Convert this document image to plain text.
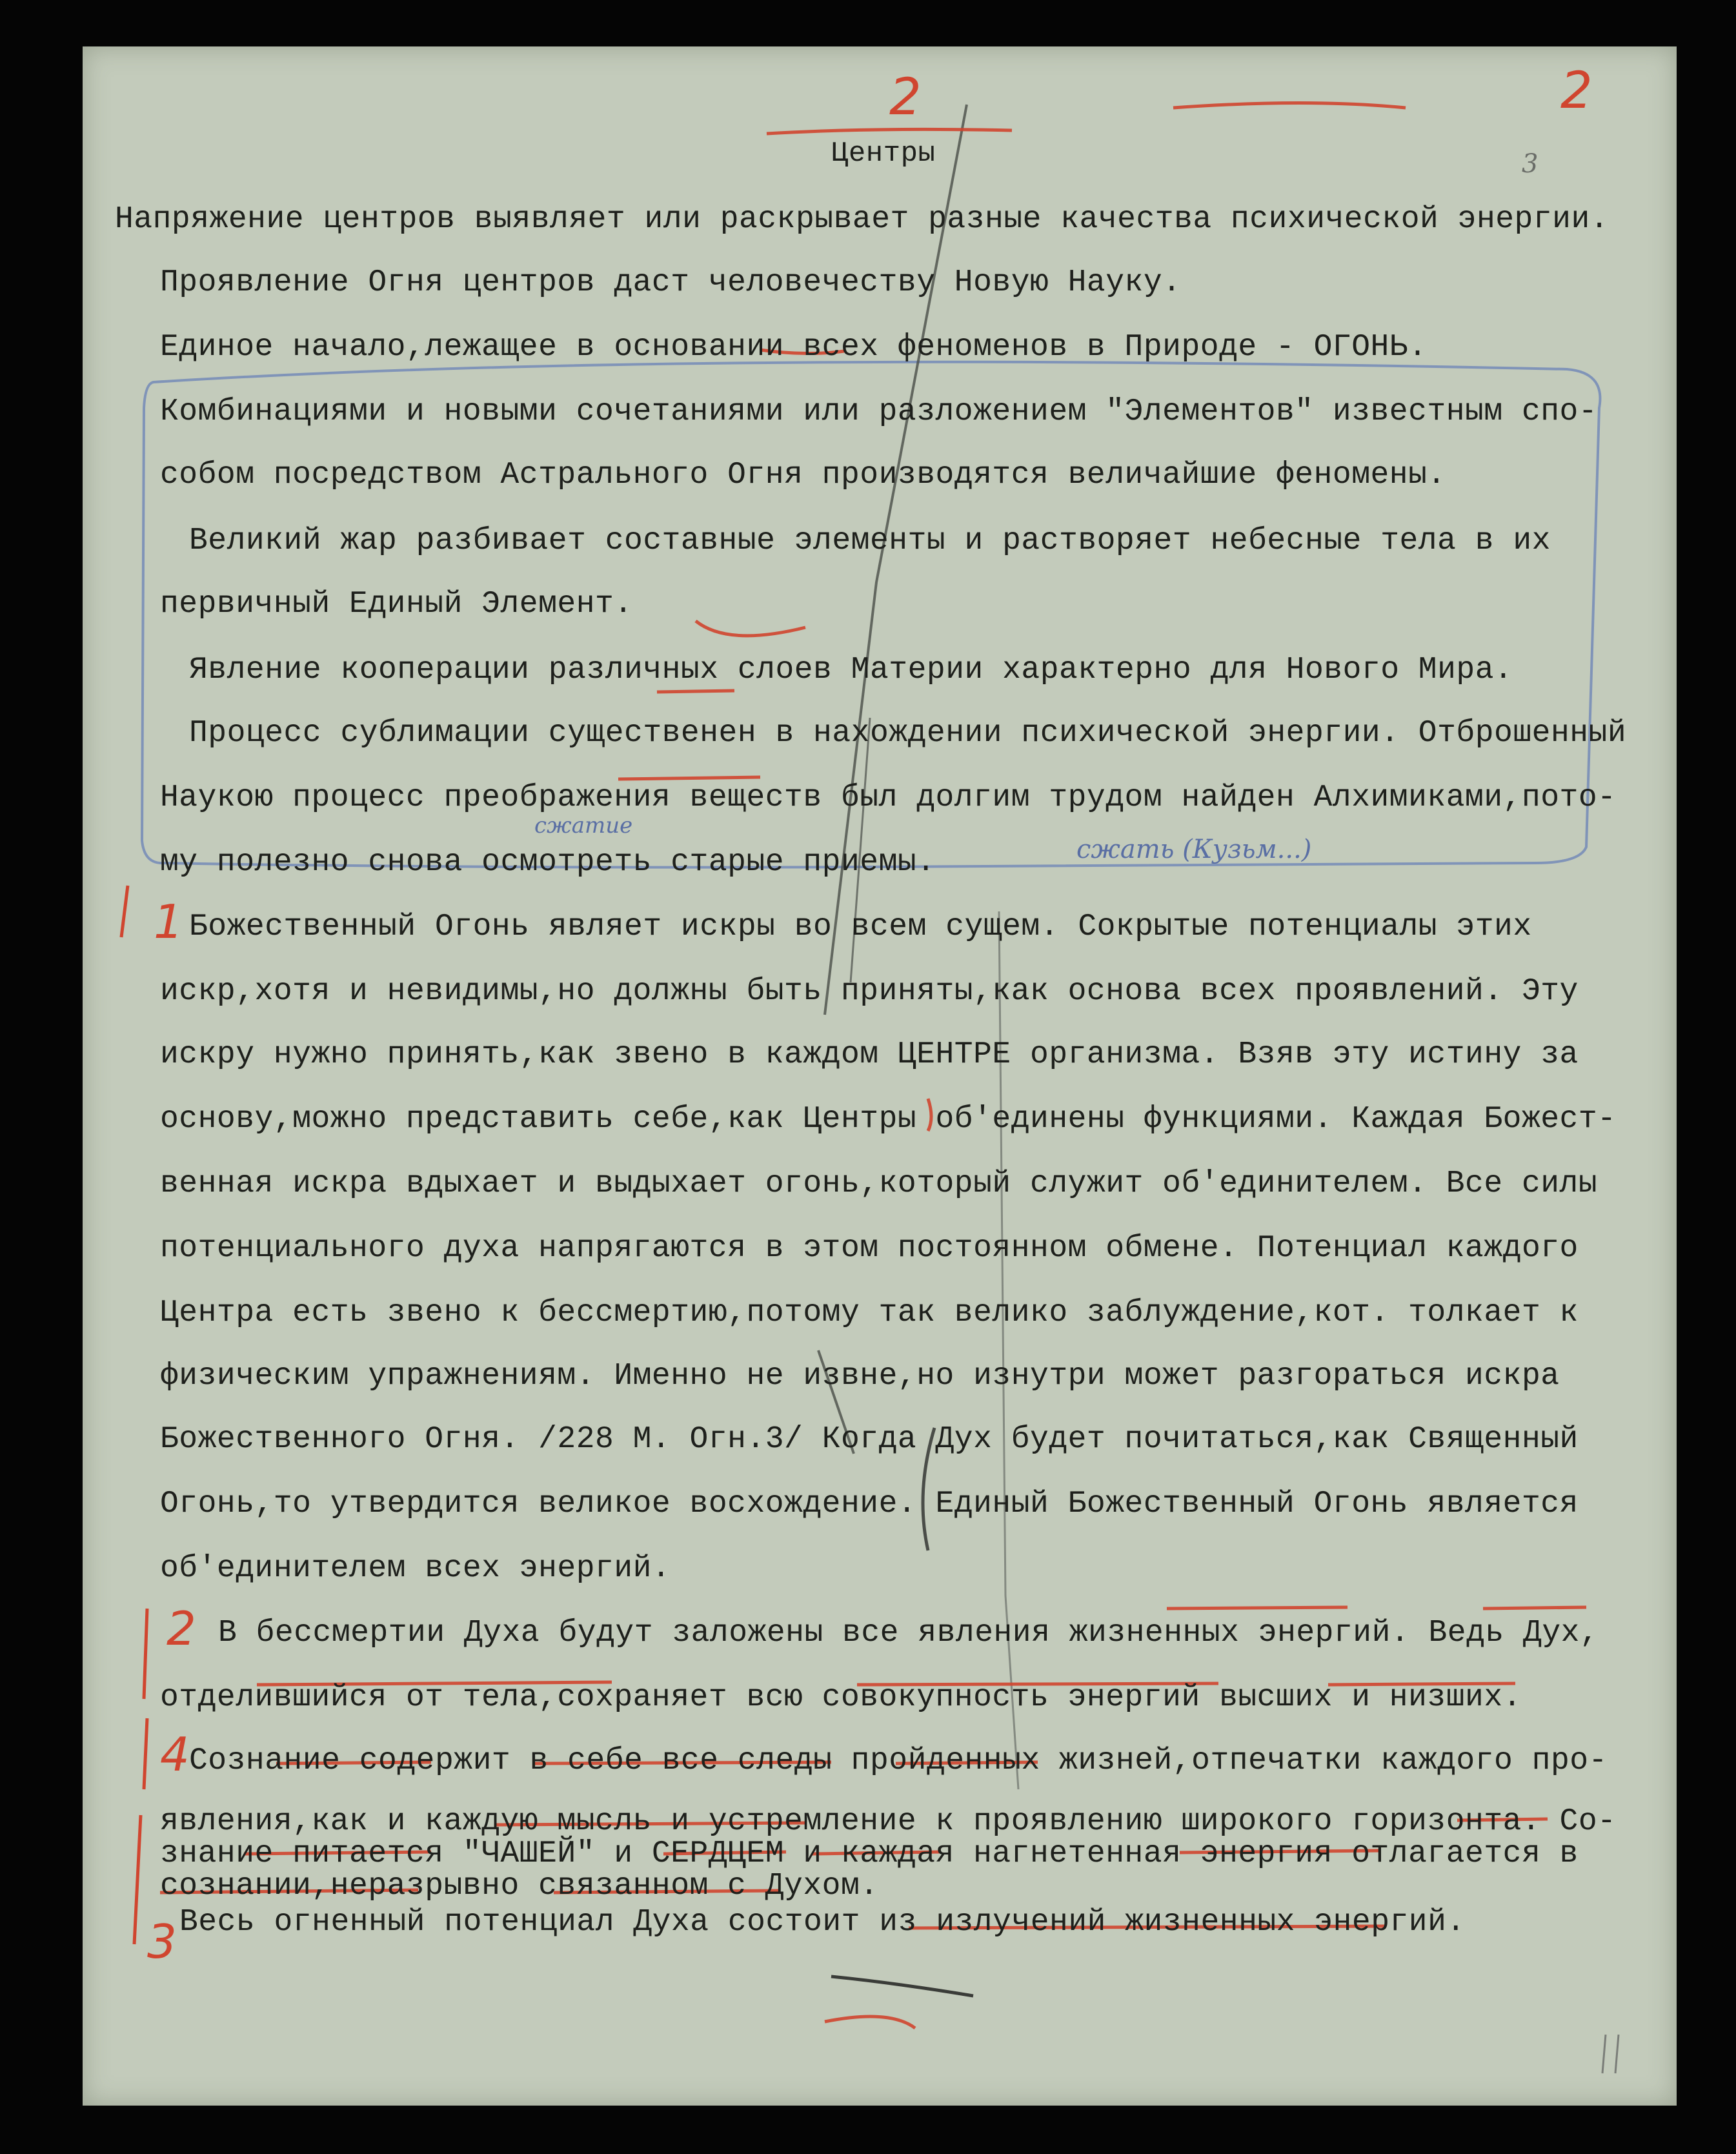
2	2
3

Центры

Напряжение центров выявляет или раскрывает разные качества психической энергии.

Проявление Огня центров даст человечеству Новую Науку.

Единое начало,лежащее в основании всех феноменов в Природе - ОГОНЬ.

Комбинациями и новыми сочетаниями или разложением "Элементов" известным спо-

собом посредством Астрального Огня производятся величайшие феномены.

Великий жар разбивает составные элементы и растворяет небесные тела в их

первичный Единый Элемент.

Явление кооперации различных слоев Материи характерно для Нового Мира.

Процесс сублимации существенен в нахождении психической энергии. Отброшенный

Наукою процесс преображения веществ был долгим трудом найден Алхимиками,пото-

му полезно снова осмотреть старые приемы.

Божественный Огонь являет искры во всем сущем. Сокрытые потенциалы этих

искр,хотя и невидимы,но должны быть приняты,как основа всех проявлений. Эту

искру нужно принять,как звено в каждом ЦЕНТРЕ организма. Взяв эту истину за

основу,можно представить себе,как Центры об'единены функциями. Каждая Божест-

венная искра вдыхает и выдыхает огонь,который служит об'единителем. Все силы

потенциального духа напрягаются в этом постоянном обмене. Потенциал каждого

Центра есть звено к бессмертию,потому так велико заблуждение,кот. толкает к

физическим упражнениям. Именно не извне,но изнутри может разгораться искра

Божественного Огня. /228 М. Огн.3/ Когда Дух будет почитаться,как Священный

Огонь,то утвердится великое восхождение. Единый Божественный Огонь является

об'единителем всех энергий.

В бессмертии Духа будут заложены все явления жизненных энергий. Ведь Дух,

отделившийся от тела,сохраняет всю совокупность энергий высших и низших.

Сознание содержит в себе все следы пройденных жизней,отпечатки каждого про-

явления,как и каждую мысль и устремление к проявлению широкого горизонта. Со-

знание питается "ЧАШЕЙ" и СЕРДЦЕМ и каждая нагнетенная энергия отлагается в

сознании,неразрывно связанном с Духом.

Весь огненный потенциал Духа состоит из излучений жизненных энергий.

1
2
4
3
сжатие
сжать (Кузьм...)
